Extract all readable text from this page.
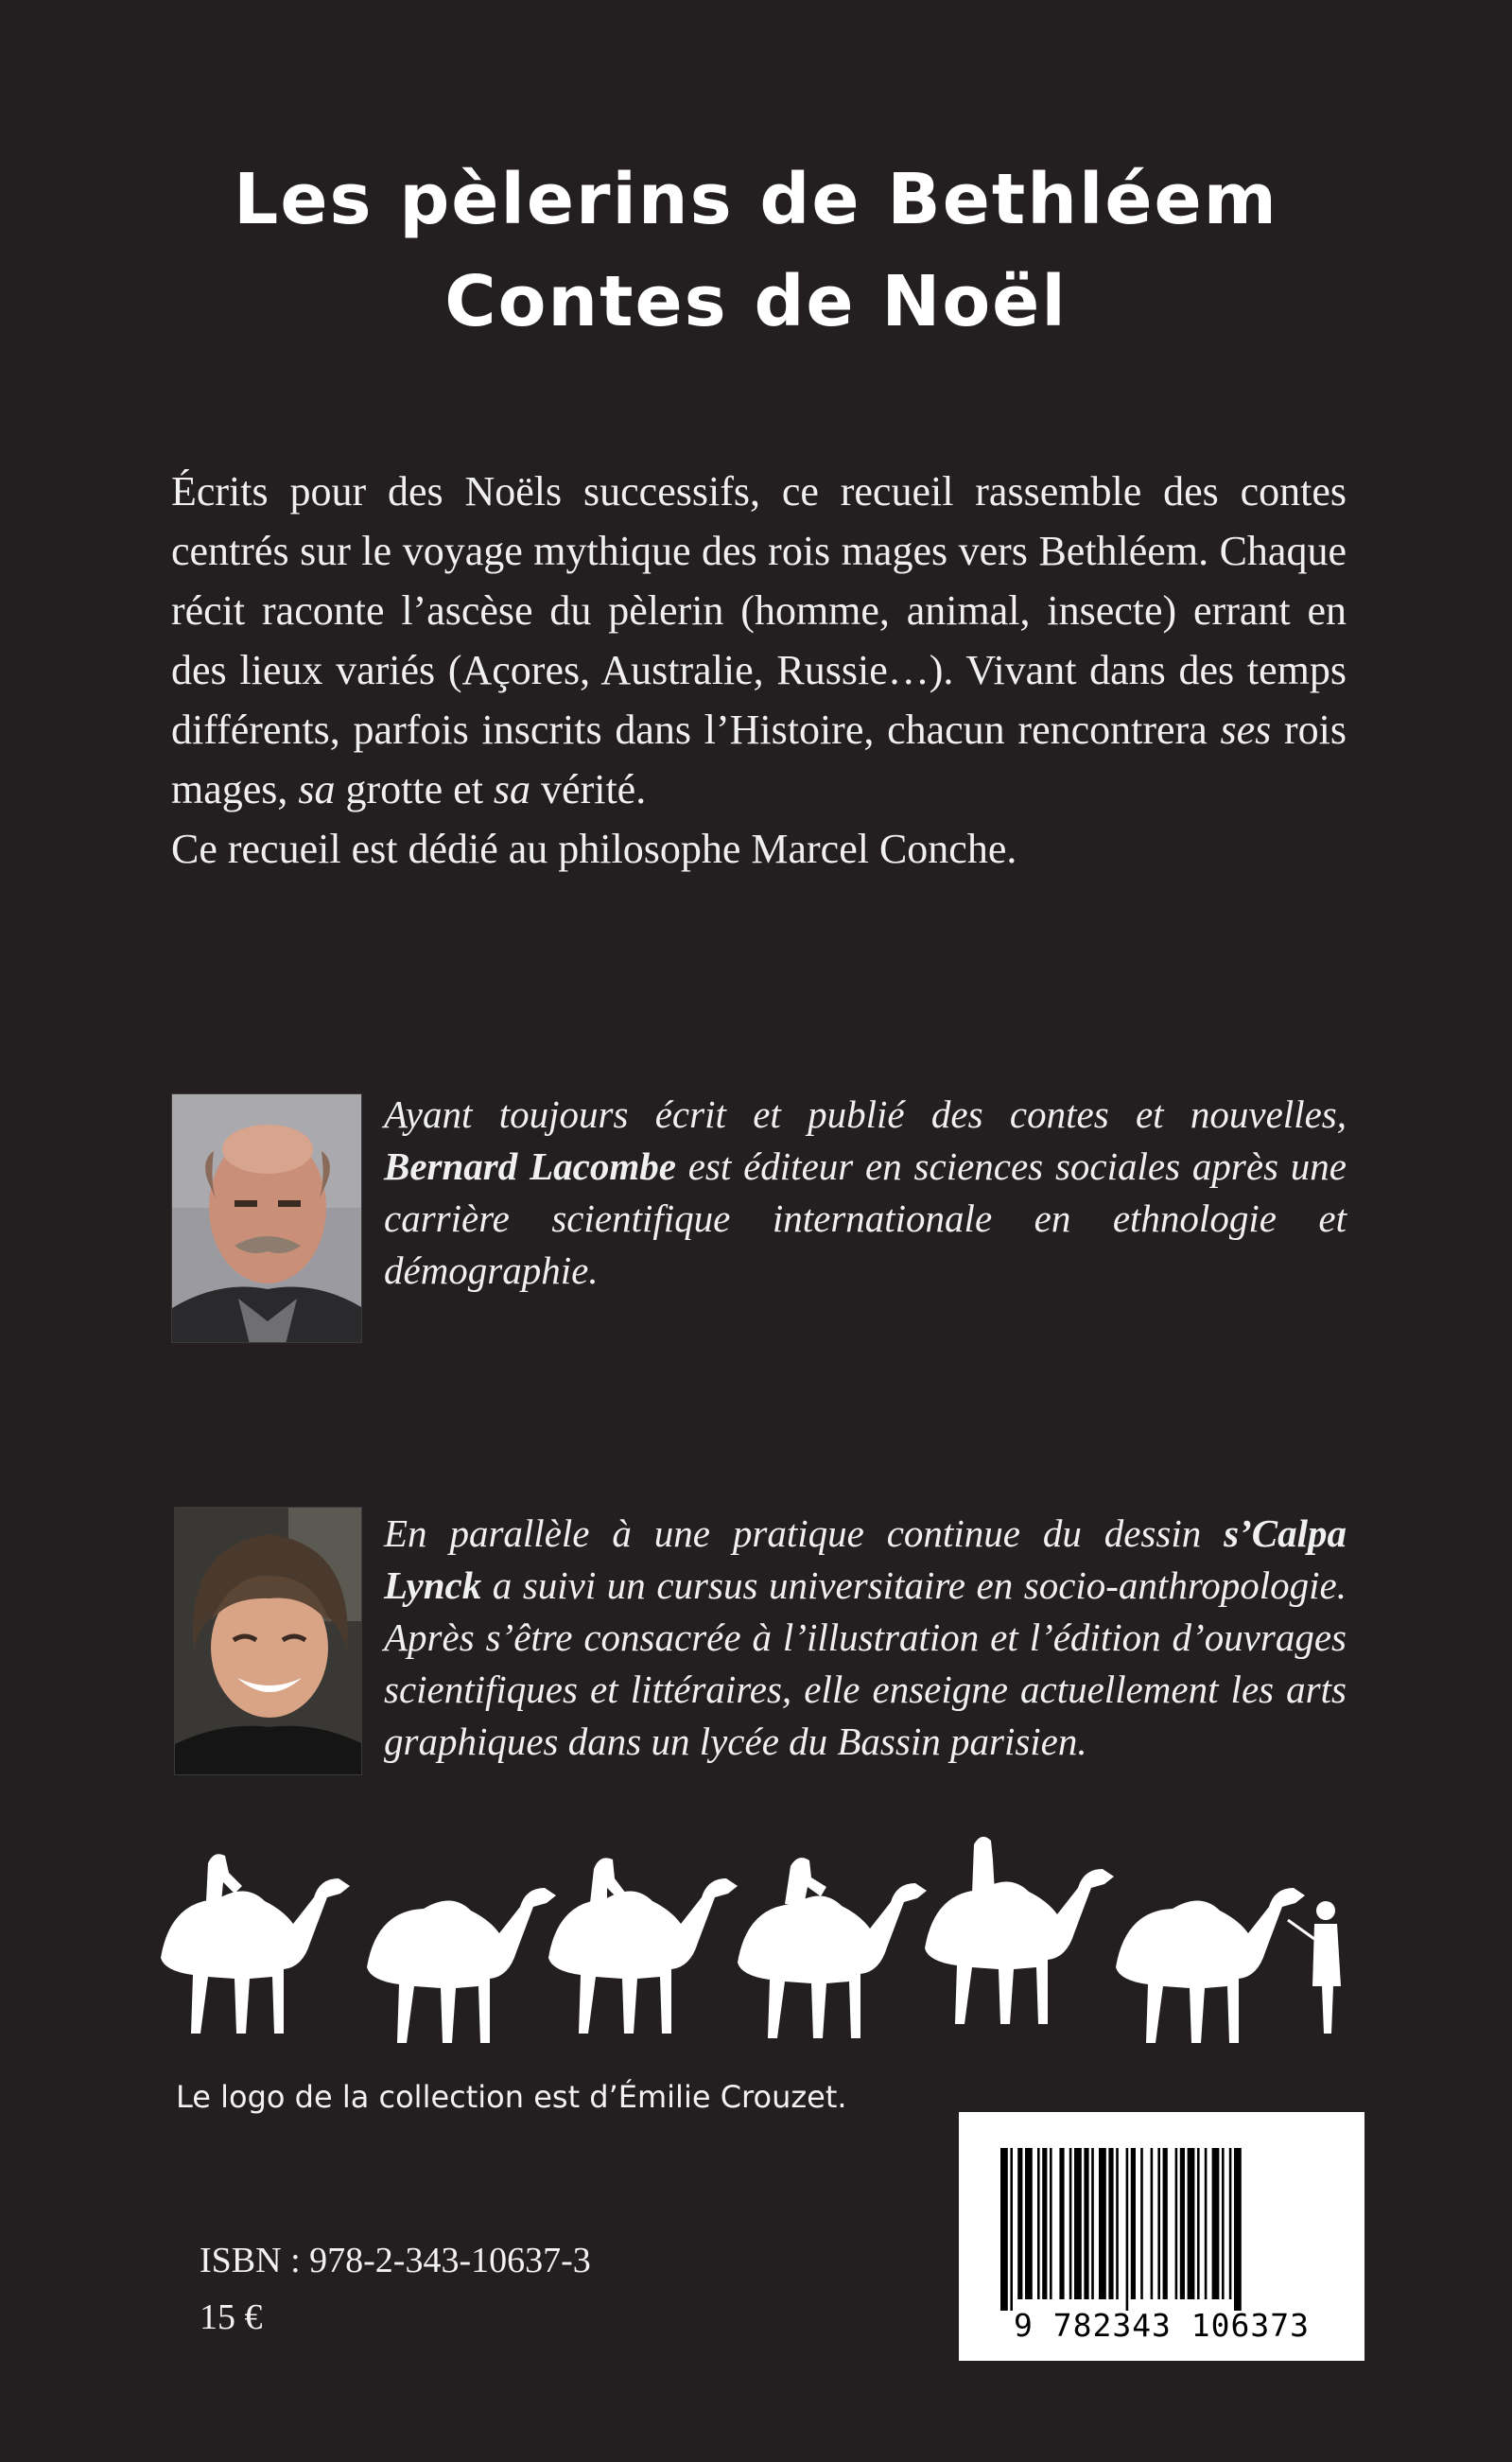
Les pèlerins de Bethléem
Contes de Noël

Écrits pour des Noëls successifs, ce recueil rassemble des contes centrés sur le voyage mythique des rois mages vers Bethléem. Chaque récit raconte l’ascèse du pèlerin (homme, animal, insecte) errant en des lieux variés (Açores, Australie, Russie…). Vivant dans des temps différents, parfois inscrits dans l’Histoire, chacun rencontrera ses rois mages, sa grotte et sa vérité.

Ce recueil est dédié au philosophe Marcel Conche.

Ayant toujours écrit et publié des contes et nouvelles, Bernard Lacombe est éditeur en sciences sociales après une carrière scientifique internationale en ethnologie et démographie.
En parallèle à une pratique continue du dessin s’Calpa Lynck a suivi un cursus universitaire en socio-anthropologie. Après s’être consacrée à l’illustration et l’édition d’ouvrages scientifiques et littéraires, elle enseigne actuellement les arts graphiques dans un lycée du Bassin parisien.
Le logo de la collection est d’Émilie Crouzet.
ISBN : 978-2-343-10637-3
15 €	9 782343 106373
